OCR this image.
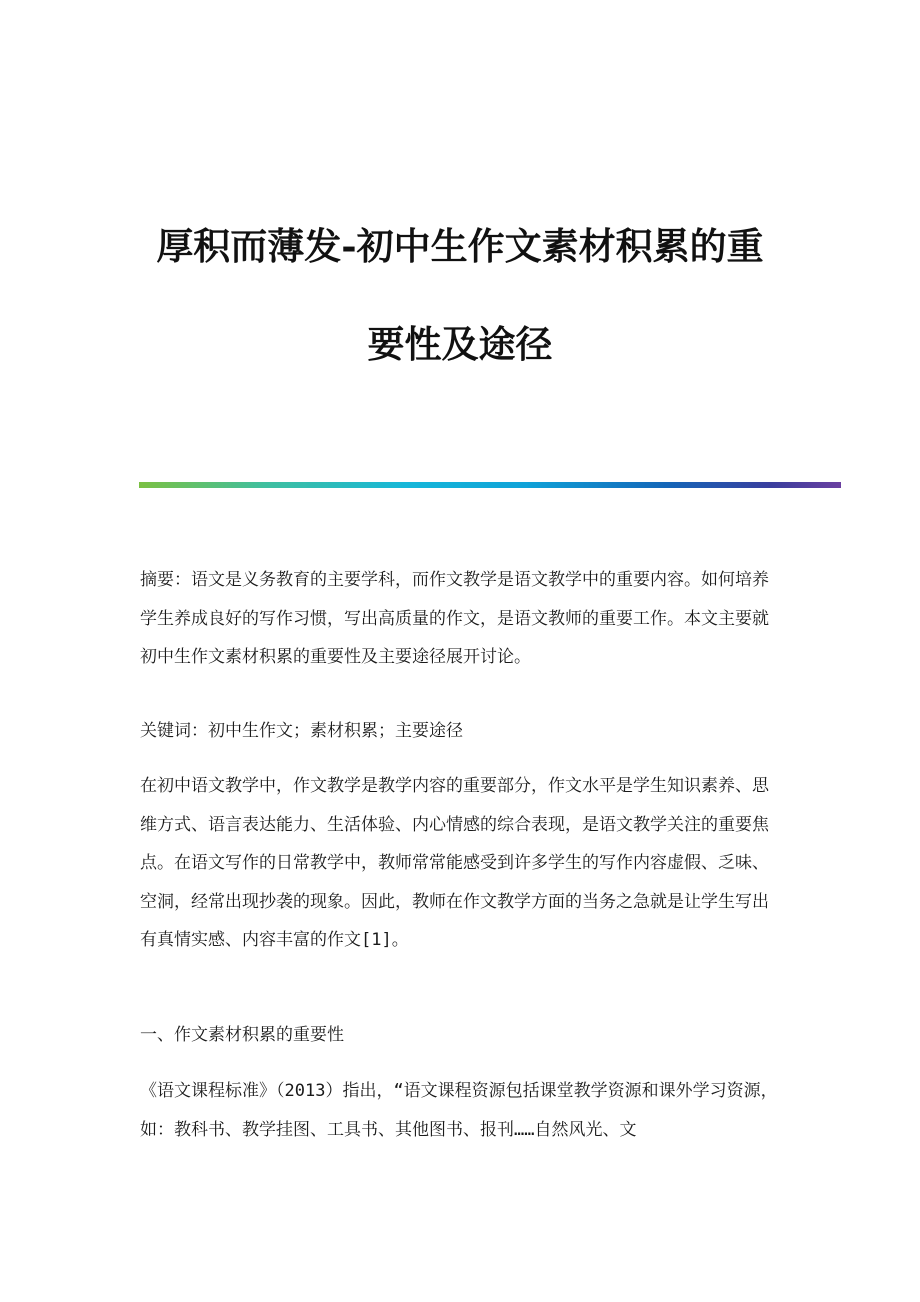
厚积而薄发-初中生作文素材积累的重
要性及途径

摘要：语文是义务教育的主要学科，而作文教学是语文教学中的重要内容。如何培养学生养成良好的写作习惯，写出高质量的作文，是语文教师的重要工作。本文主要就初中生作文素材积累的重要性及主要途径展开讨论。

关键词：初中生作文；素材积累；主要途径

在初中语文教学中，作文教学是教学内容的重要部分，作文水平是学生知识素养、思维方式、语言表达能力、生活体验、内心情感的综合表现，是语文教学关注的重要焦点。在语文写作的日常教学中，教师常常能感受到许多学生的写作内容虚假、乏味、空洞，经常出现抄袭的现象。因此，教师在作文教学方面的当务之急就是让学生写出有真情实感、内容丰富的作文[1]。

一、作文素材积累的重要性

《语文课程标准》（2013）指出，“语文课程资源包括课堂教学资源和课外学习资源，如：教科书、教学挂图、工具书、其他图书、报刊……自然风光、文
